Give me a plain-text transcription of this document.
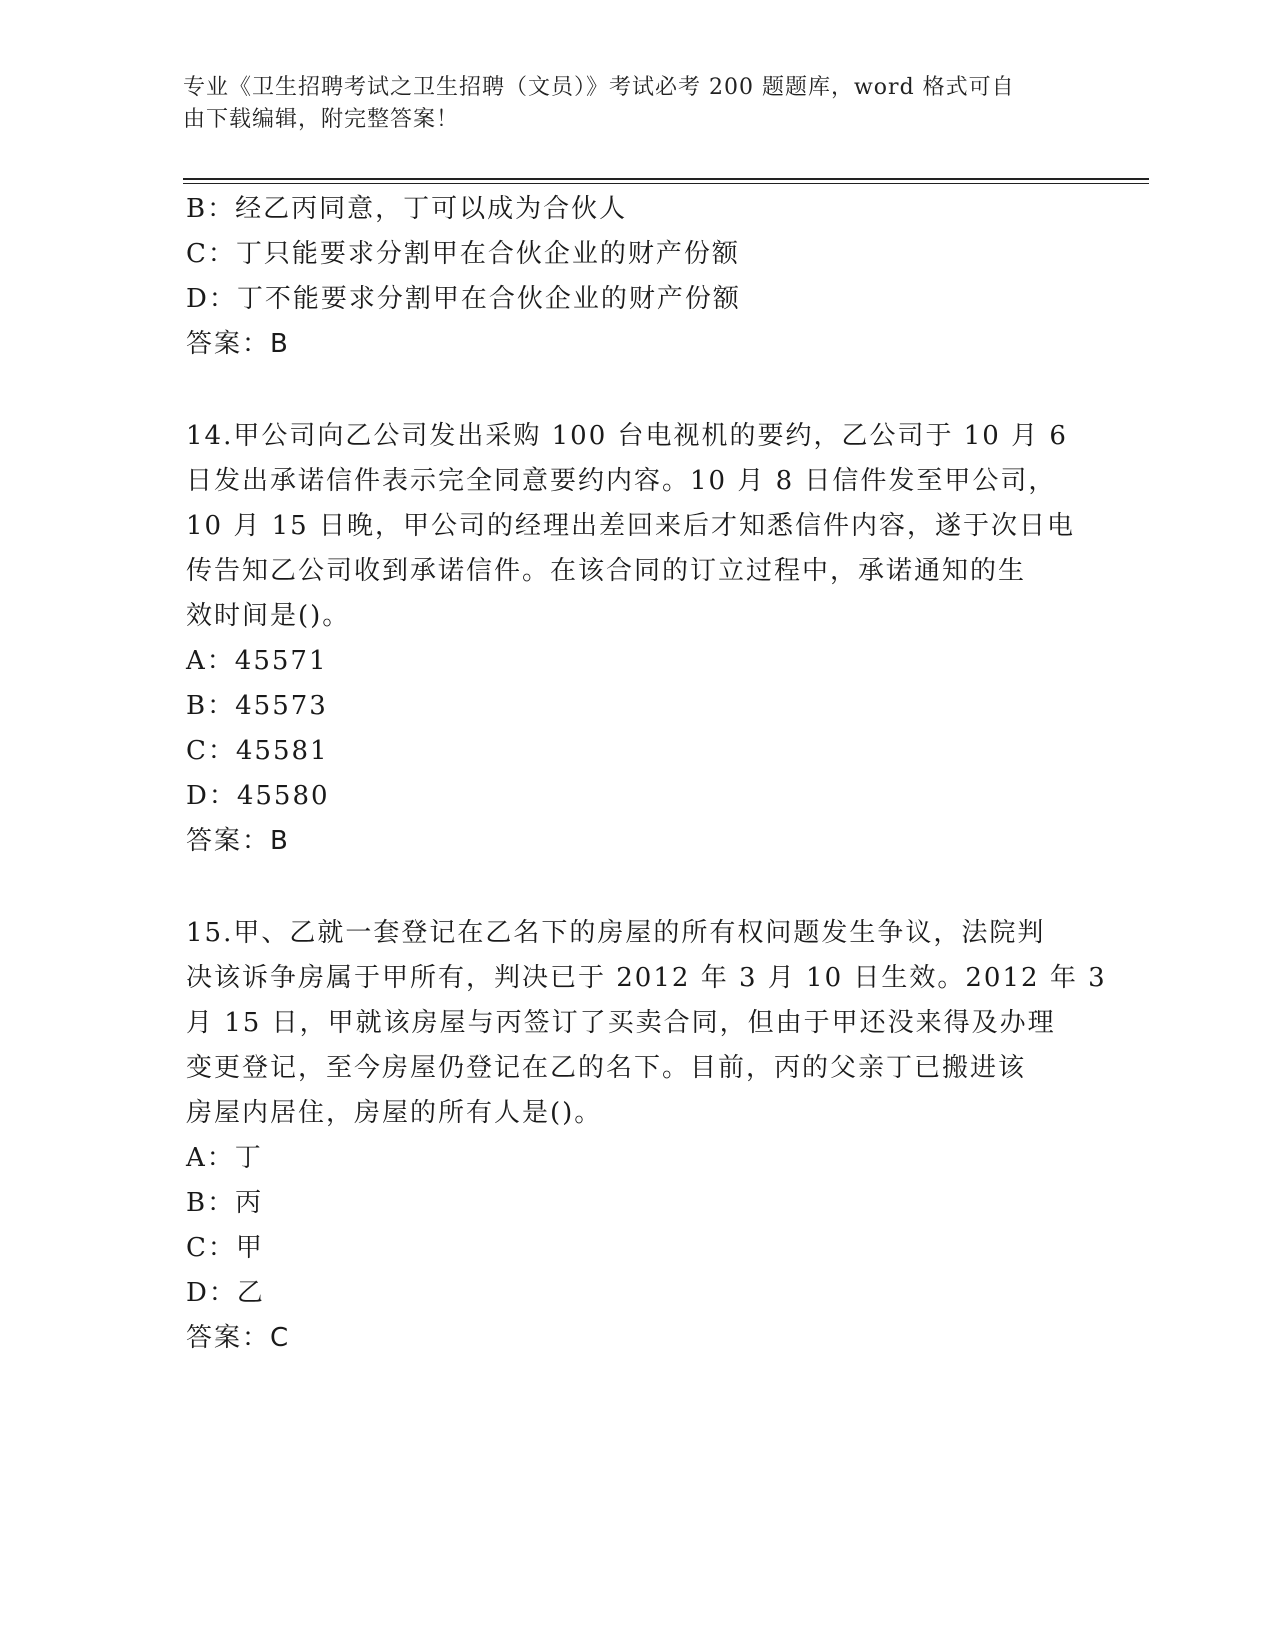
专业《卫生招聘考试之卫生招聘（文员）》考试必考 200 题题库，word 格式可自
由下载编辑，附完整答案！
B：经乙丙同意，丁可以成为合伙人
C：丁只能要求分割甲在合伙企业的财产份额
D：丁不能要求分割甲在合伙企业的财产份额
答案：B
14.甲公司向乙公司发出采购 100 台电视机的要约，乙公司于 10 月 6
日发出承诺信件表示完全同意要约内容。10 月 8 日信件发至甲公司，
10 月 15 日晚，甲公司的经理出差回来后才知悉信件内容，遂于次日电
传告知乙公司收到承诺信件。在该合同的订立过程中，承诺通知的生
效时间是()。
A：45571
B：45573
C：45581
D：45580
答案：B
15.甲、乙就一套登记在乙名下的房屋的所有权问题发生争议，法院判
决该诉争房属于甲所有，判决已于 2012 年 3 月 10 日生效。2012 年 3
月 15 日，甲就该房屋与丙签订了买卖合同，但由于甲还没来得及办理
变更登记，至今房屋仍登记在乙的名下。目前，丙的父亲丁已搬进该
房屋内居住，房屋的所有人是()。
A：丁
B：丙
C：甲
D：乙
答案：C
